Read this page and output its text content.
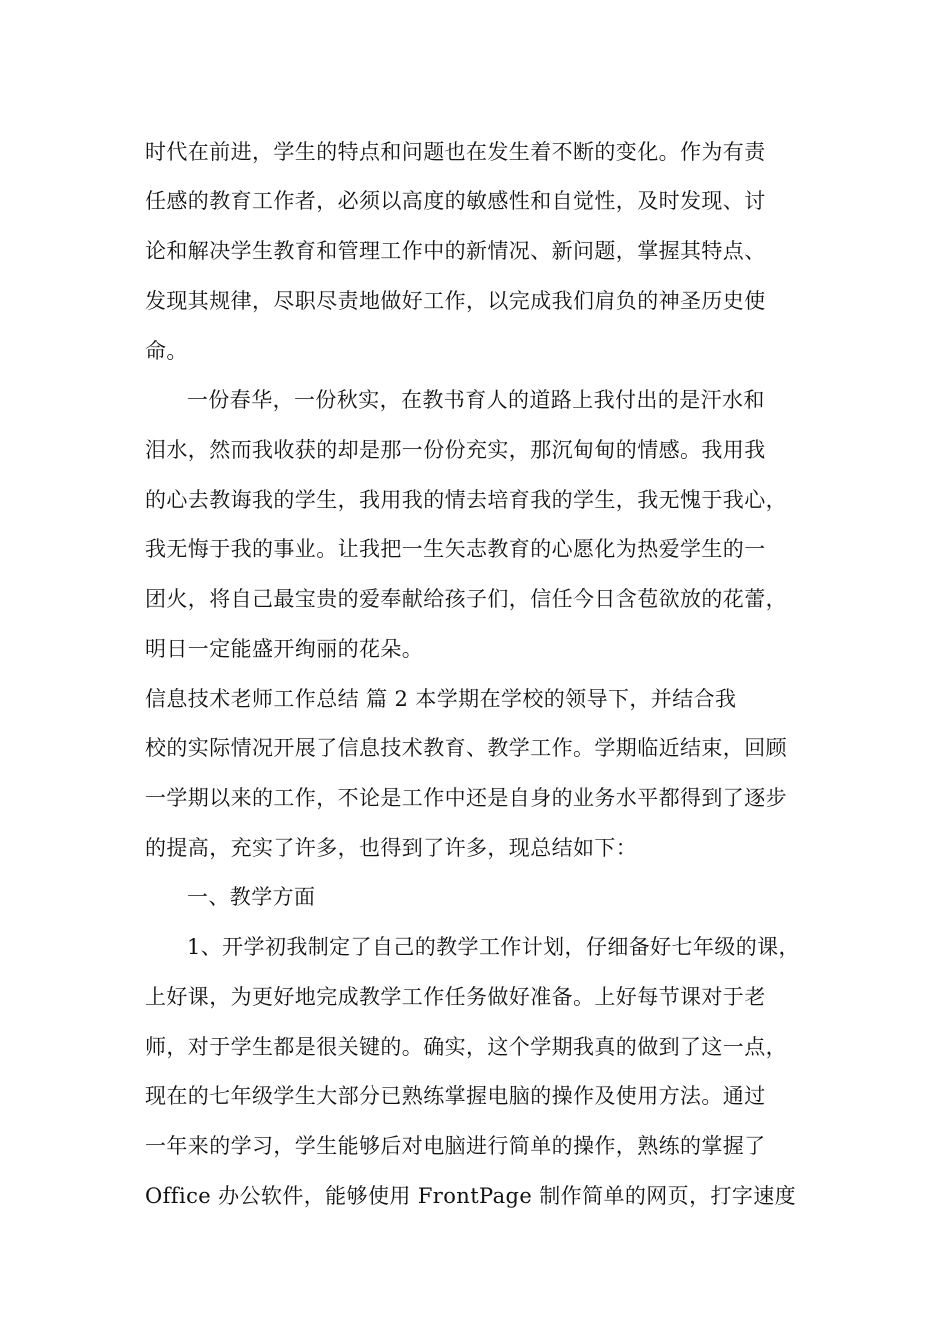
时代在前进，学生的特点和问题也在发生着不断的变化。作为有责
任感的教育工作者，必须以高度的敏感性和自觉性，及时发现、讨
论和解决学生教育和管理工作中的新情况、新问题，掌握其特点、
发现其规律，尽职尽责地做好工作，以完成我们肩负的神圣历史使
命。
一份春华，一份秋实，在教书育人的道路上我付出的是汗水和
泪水，然而我收获的却是那一份份充实，那沉甸甸的情感。我用我
的心去教诲我的学生，我用我的情去培育我的学生，我无愧于我心，
我无悔于我的事业。让我把一生矢志教育的心愿化为热爱学生的一
团火，将自己最宝贵的爱奉献给孩子们，信任今日含苞欲放的花蕾，
明日一定能盛开绚丽的花朵。
信息技术老师工作总结 篇 2 本学期在学校的领导下，并结合我
校的实际情况开展了信息技术教育、教学工作。学期临近结束，回顾
一学期以来的工作，不论是工作中还是自身的业务水平都得到了逐步
的提高，充实了许多，也得到了许多，现总结如下：
一、教学方面
1、开学初我制定了自己的教学工作计划，仔细备好七年级的课，
上好课，为更好地完成教学工作任务做好准备。上好每节课对于老
师，对于学生都是很关键的。确实，这个学期我真的做到了这一点，
现在的七年级学生大部分已熟练掌握电脑的操作及使用方法。通过
一年来的学习，学生能够后对电脑进行简单的操作，熟练的掌握了
Office 办公软件，能够使用 FrontPage 制作简单的网页，打字速度
